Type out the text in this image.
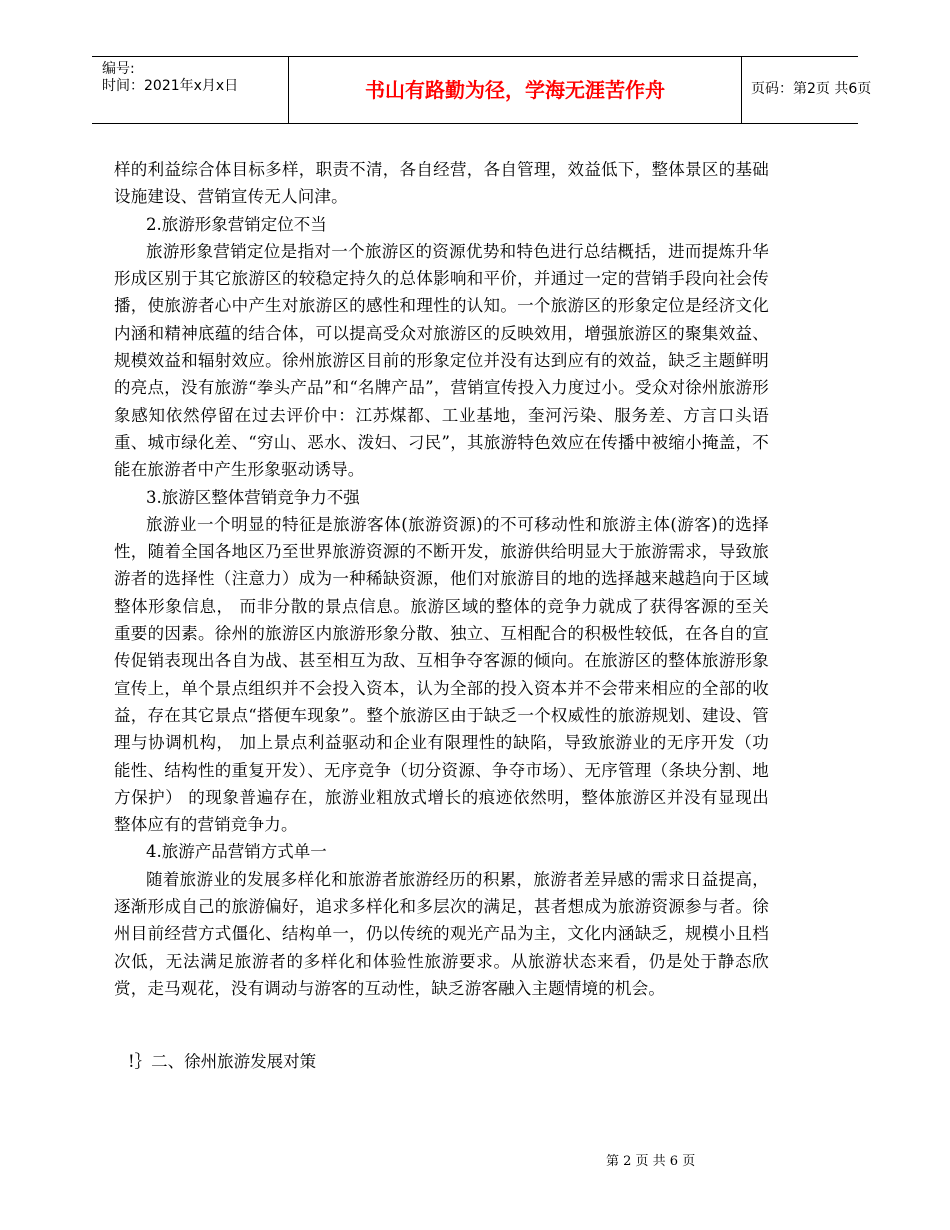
编号:
时间：2021年x月x日	书山有路勤为径，学海无涯苦作舟	页码：第2页 共6页

样的利益综合体目标多样，职责不清，各自经营，各自管理，效益低下，整体景区的基础设施建设、营销宣传无人问津。

2.旅游形象营销定位不当

旅游形象营销定位是指对一个旅游区的资源优势和特色进行总结概括，进而提炼升华形成区别于其它旅游区的较稳定持久的总体影响和平价，并通过一定的营销手段向社会传播，使旅游者心中产生对旅游区的感性和理性的认知。一个旅游区的形象定位是经济文化内涵和精神底蕴的结合体，可以提高受众对旅游区的反映效用，增强旅游区的聚集效益、规模效益和辐射效应。徐州旅游区目前的形象定位并没有达到应有的效益，缺乏主题鲜明的亮点，没有旅游“拳头产品”和“名牌产品”，营销宣传投入力度过小。受众对徐州旅游形象感知依然停留在过去评价中：江苏煤都、工业基地，奎河污染、服务差、方言口头语重、城市绿化差、“穷山、恶水、泼妇、刁民”，其旅游特色效应在传播中被缩小掩盖，不能在旅游者中产生形象驱动诱导。

3.旅游区整体营销竞争力不强

旅游业一个明显的特征是旅游客体(旅游资源)的不可移动性和旅游主体(游客)的选择性，随着全国各地区乃至世界旅游资源的不断开发，旅游供给明显大于旅游需求，导致旅游者的选择性（注意力）成为一种稀缺资源，他们对旅游目的地的选择越来越趋向于区域整体形象信息， 而非分散的景点信息。旅游区域的整体的竞争力就成了获得客源的至关重要的因素。徐州的旅游区内旅游形象分散、独立、互相配合的积极性较低，在各自的宣传促销表现出各自为战、甚至相互为敌、互相争夺客源的倾向。在旅游区的整体旅游形象宣传上，单个景点组织并不会投入资本，认为全部的投入资本并不会带来相应的全部的收益，存在其它景点“搭便车现象”。整个旅游区由于缺乏一个权威性的旅游规划、建设、管理与协调机构， 加上景点利益驱动和企业有限理性的缺陷，导致旅游业的无序开发（功能性、结构性的重复开发）、无序竞争（切分资源、争夺市场）、无序管理（条块分割、地方保护） 的现象普遍存在，旅游业粗放式增长的痕迹依然明，整体旅游区并没有显现出整体应有的营销竞争力。

4.旅游产品营销方式单一

随着旅游业的发展多样化和旅游者旅游经历的积累，旅游者差异感的需求日益提高，逐渐形成自己的旅游偏好，追求多样化和多层次的满足，甚者想成为旅游资源参与者。徐州目前经营方式僵化、结构单一，仍以传统的观光产品为主，文化内涵缺乏，规模小且档次低，无法满足旅游者的多样化和体验性旅游要求。从旅游状态来看，仍是处于静态欣赏，走马观花，没有调动与游客的互动性，缺乏游客融入主题情境的机会。

!｝二、徐州旅游发展对策
第 2 页 共 6 页
